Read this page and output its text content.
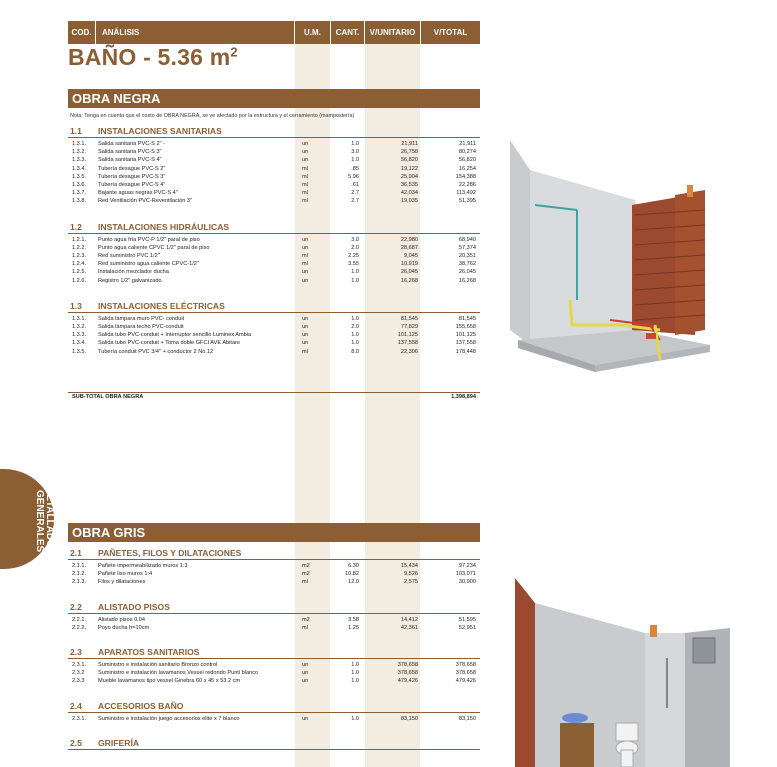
COD.	ANÁLISIS	U.M.	CANT.	V/UNITARIO	V/TOTAL
BAÑO - 5.36 $m^2$
OBRA NEGRA
Nota: Tenga en cuenta que el costo de OBRA NEGRA, se ve afectado por la estructura y el cerramiento (mampostería)
1.1 INSTALACIONES SANITARIAS
1.3.1. Salida sanitaria PVC-S 2" -	un	1.0	21,911	21,911
1.3.2. Salida sanitaria PVC-S 3"	un	3.0	26,758	80,274
1.3.3. Salida sanitaria PVC-S 4"	un	1.0	56,820	56,820
1.3.4. Tubería desague PVC-S 2"	ml	.85	19,122	16,254
1.3.5. Tubería desague PVC-S 3"	ml	5.96	25,904	154,388
1.3.6. Tubería desague PVC-S 4"	ml	.61	36,535	22,286
1.3.7. Bajante aguas negras PVC-S 4"	ml	2.7	42,034	113,492
1.3.8. Red Ventilación PVC-Reventilación 3"	ml	2.7	19,035	51,395
1.2 INSTALACIONES HIDRÁULICAS
1.2.1. Punto agua fría PVC-P 1/2" paral de piso	un	3.0	22,980	68,940
1.2.2. Punto agua caliente CPVC 1/2" paral de piso	un	2.0	28,687	57,374
1.2.3. Red suministro PVC 1/2"	ml	2.25	9,045	20,351
1.2.4. Red suministro agua caliente CPVC-1/2"	ml	3.55	10,919	38,762
1.2.5. Instalación mezclador ducha	un	1.0	26,045	26,045
1.2.6. Registro 1/2" galvanizado	un	1.0	16,268	16,268
1.3 INSTALACIONES ELÉCTRICAS
1.3.1. Salida lámpara muro PVC- conduit	un	1.0	81,545	81,545
1.3.2. Salida lámpara techo PVC-conduit	un	2.0	77,829	155,658
1.3.3. Salida tubo PVC-conduit + Interruptor sencillo Luminex Ambia	un	1.0	101,125	101,125
1.3.4. Salida tubo PVC-conduit + Toma doble GFCI AVE Abitare	un	1.0	137,558	137,558
1.3.5. Tubería conduit PVC 3/4" + conductor 2 No.12	ml	8.0	22,306	178,448
SUB-TOTAL OBRA NEGRA	1,398,894
OBRA GRIS
2.1 PAÑETES, FILOS Y DILATACIONES
2.1.1. Pañete impermeabilizado muros 1:3	m2	6.30	15,434	97,234
2.1.2. Pañete liso muros 1:4	m2	10.82	9,526	103,071
2.1.3. Filos y dilataciones	ml	12.0	2,575	30,900
2.2 ALISTADO PISOS
2.2.1. Alistado pisos 0.04	m2	3.58	14,412	51,595
2.2.2. Poyo ducha h=10cm	ml	1.25	42,361	52,951
2.3 APARATOS SANITARIOS
2.3.1. Suministro e instalación sanitario Bronzo control	un	1.0	378,658	378,658
2.3.2 Suministro e instalación lavamanos Vessel redondo Punti blanco	un	1.0	378,658	378,658
2.3.3 Mueble lavamanos tipo vessel Ginebra 60 x 45 x 53.2 cm	un	1.0	479,426	479,426
2.4 ACCESORIOS BAÑO
2.3.1. Suministro e instalación juego accesorios elite x 7 blanco	un	1.0	83,150	83,150
2.5 GRIFERÍA
DETALLADOS
GENERALES
